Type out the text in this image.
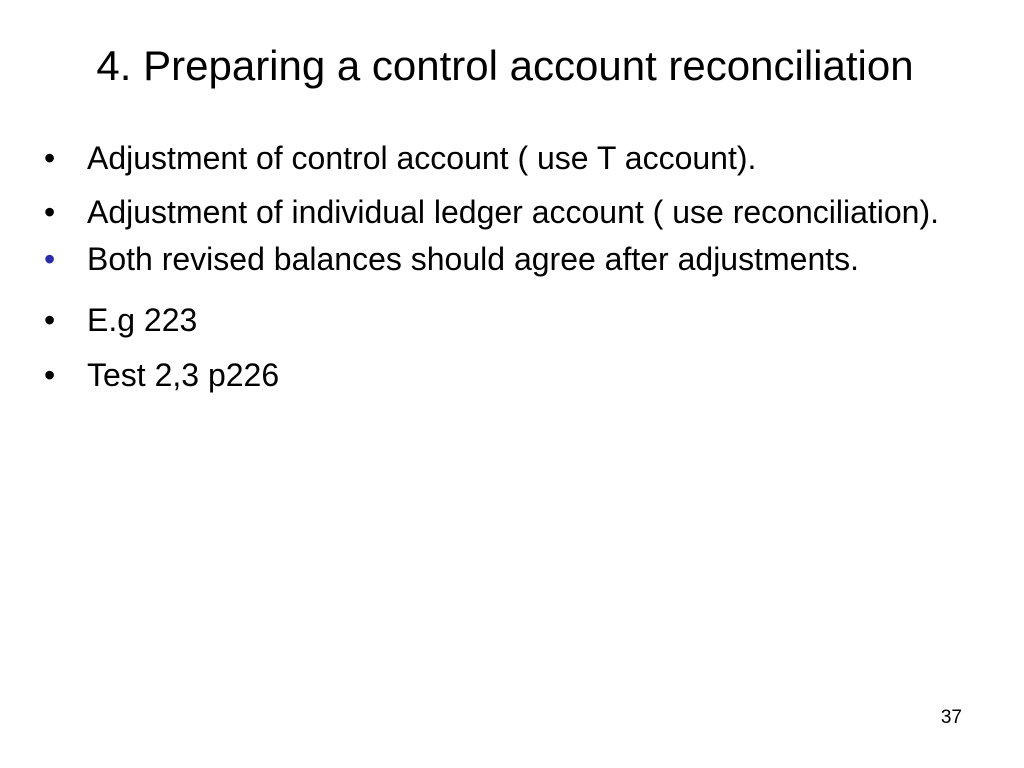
4. Preparing a control account reconciliation
• Adjustment of control account ( use T account).
• Adjustment of individual ledger account ( use reconciliation).
• Both revised balances should agree after adjustments.
• E.g 223
• Test 2,3 p226
37
